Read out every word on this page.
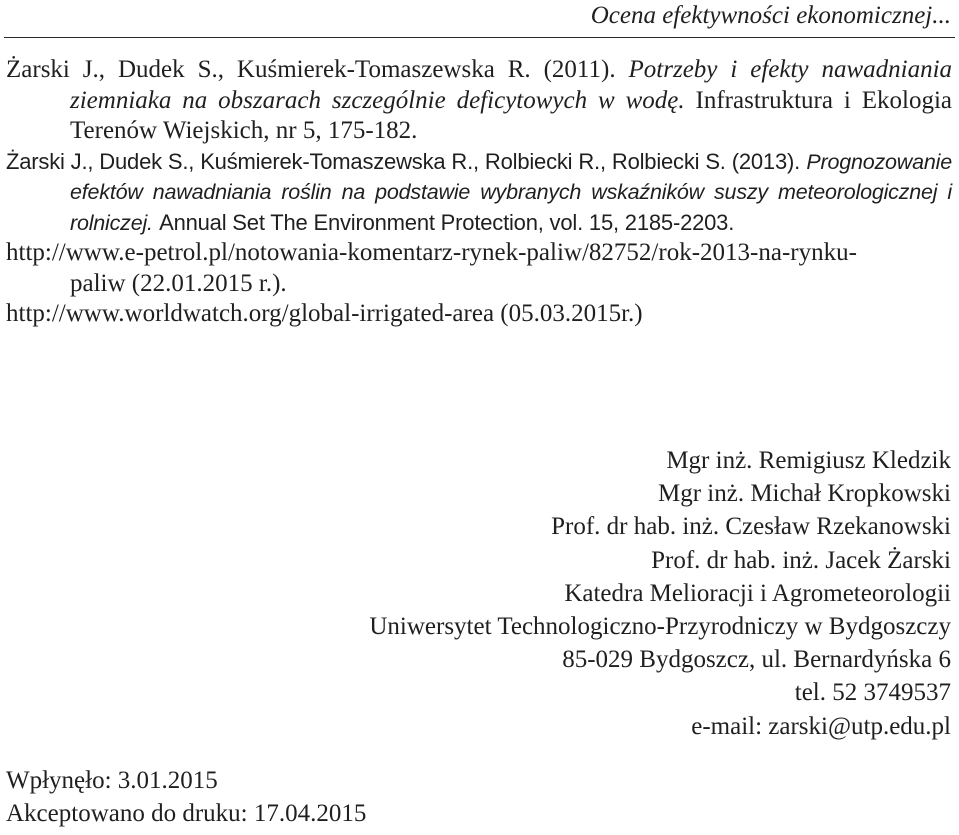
Ocena efektywności ekonomicznej...

Żarski J., Dudek S., Kuśmierek-Tomaszewska R. (2011). Potrzeby i efekty nawadniania ziemniaka na obszarach szczególnie deficytowych w wodę. Infrastruktura i Ekologia Terenów Wiejskich, nr 5, 175-182.

Żarski J., Dudek S., Kuśmierek-Tomaszewska R., Rolbiecki R., Rolbiecki S. (2013). Prognozowanie efektów nawadniania roślin na podstawie wybranych wskaźników suszy meteorologicznej i rolniczej. Annual Set The Environment Protection, vol. 15, 2185-2203.

http://www.e-petrol.pl/notowania-komentarz-rynek-paliw/82752/rok-2013-na-rynku-
paliw (22.01.2015 r.).

http://www.worldwatch.org/global-irrigated-area (05.03.2015r.)

Mgr inż. Remigiusz Kledzik
Mgr inż. Michał Kropkowski
Prof. dr hab. inż. Czesław Rzekanowski
Prof. dr hab. inż. Jacek Żarski
Katedra Melioracji i Agrometeorologii
Uniwersytet Technologiczno-Przyrodniczy w Bydgoszczy
85-029 Bydgoszcz, ul. Bernardyńska 6
tel. 52 3749537
e-mail: zarski@utp.edu.pl
Wpłynęło: 3.01.2015
Akceptowano do druku: 17.04.2015
